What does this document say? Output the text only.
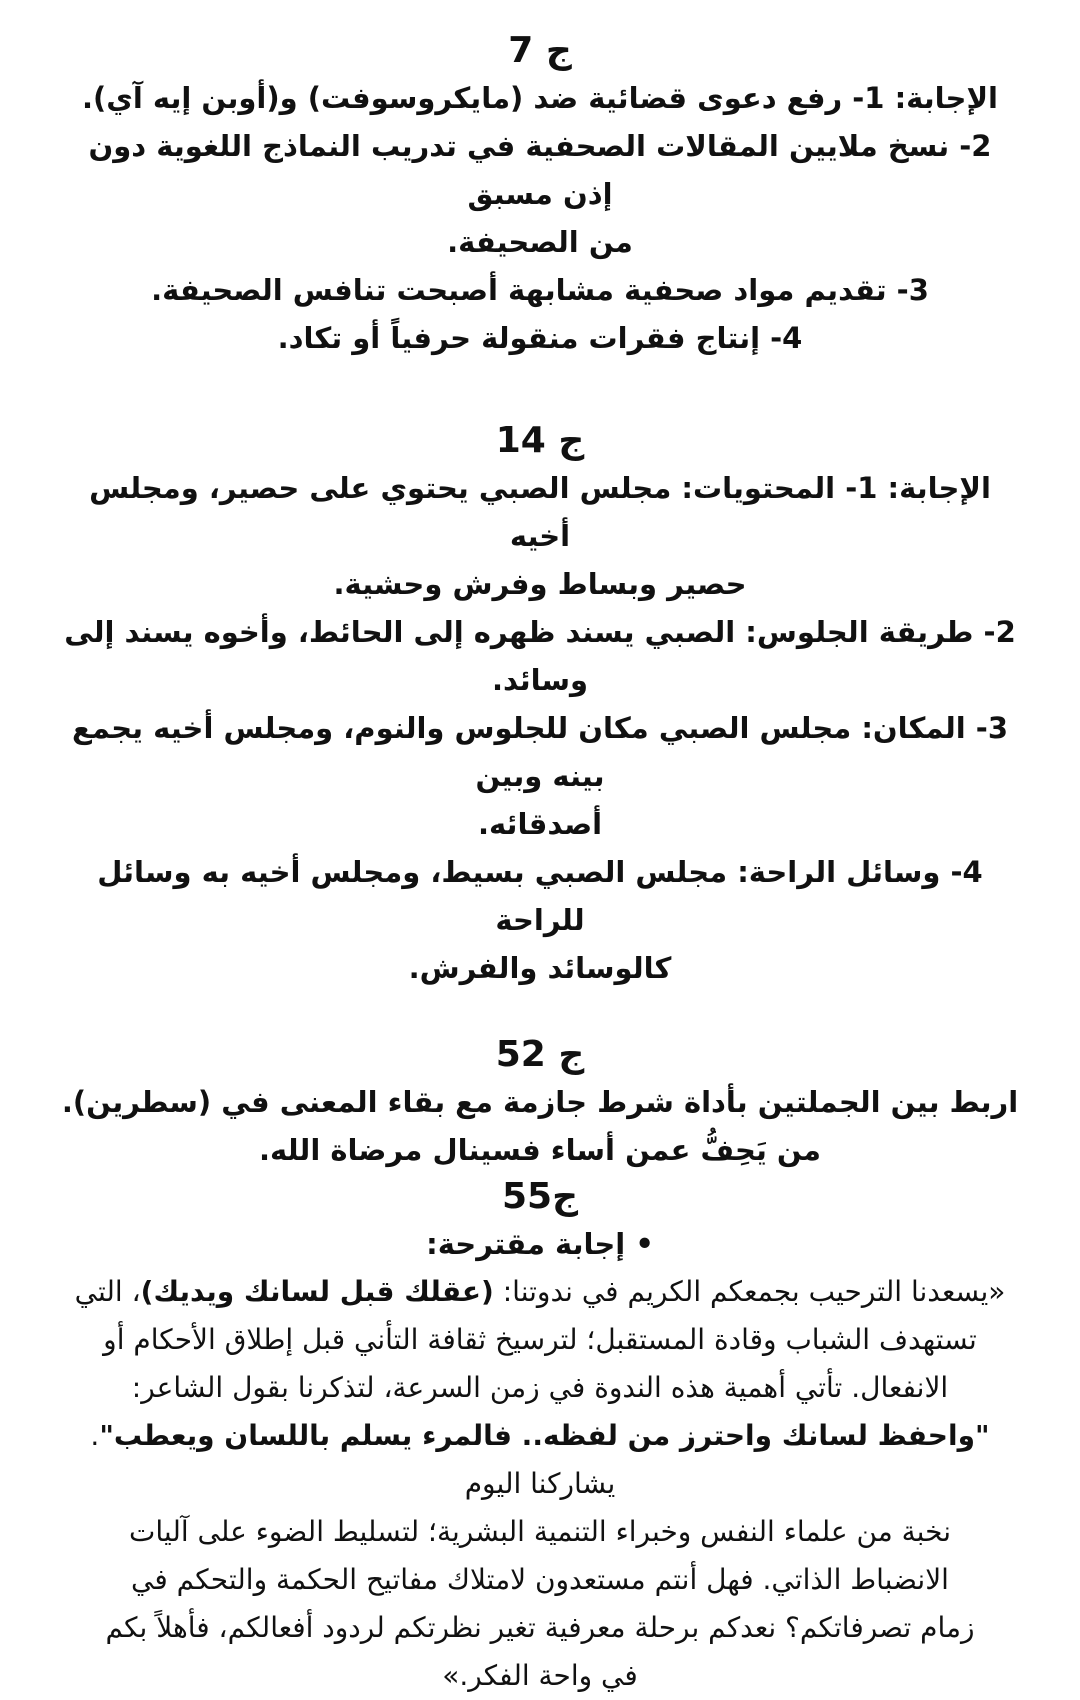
ج 7

الإجابة: 1- رفع دعوى قضائية ضد (مايكروسوفت) و(أوبن إيه آي).

2- نسخ ملايين المقالات الصحفية في تدريب النماذج اللغوية دون إذن مسبق

من الصحيفة.

3- تقديم مواد صحفية مشابهة أصبحت تنافس الصحيفة.

4- إنتاج فقرات منقولة حرفياً أو تكاد.

ج 14

الإجابة: 1- المحتويات: مجلس الصبي يحتوي على حصير، ومجلس أخيه

حصير وبساط وفرش وحشية.

2- طريقة الجلوس: الصبي يسند ظهره إلى الحائط، وأخوه يسند إلى وسائد.

3- المكان: مجلس الصبي مكان للجلوس والنوم، ومجلس أخيه يجمع بينه وبين

أصدقائه.

4- وسائل الراحة: مجلس الصبي بسيط، ومجلس أخيه به وسائل للراحة

كالوسائد والفرش.

ج 52

اربط بين الجملتين بأداة شرط جازمة مع بقاء المعنى في (سطرين).

من يَحِفُّ عمن أساء فسينال مرضاة الله.

ج55

• إجابة مقترحة:

«يسعدنا الترحيب بجمعكم الكريم في ندوتنا: (عقلك قبل لسانك ويديك)، التي

تستهدف الشباب وقادة المستقبل؛ لترسيخ ثقافة التأني قبل إطلاق الأحكام أو

الانفعال. تأتي أهمية هذه الندوة في زمن السرعة، لتذكرنا بقول الشاعر:

"واحفظ لسانك واحترز من لفظه.. فالمرء يسلم باللسان ويعطب". يشاركنا اليوم

نخبة من علماء النفس وخبراء التنمية البشرية؛ لتسليط الضوء على آليات

الانضباط الذاتي. فهل أنتم مستعدون لامتلاك مفاتيح الحكمة والتحكم في

زمام تصرفاتكم؟ نعدكم برحلة معرفية تغير نظرتكم لردود أفعالكم، فأهلاً بكم

في واحة الفكر.»
